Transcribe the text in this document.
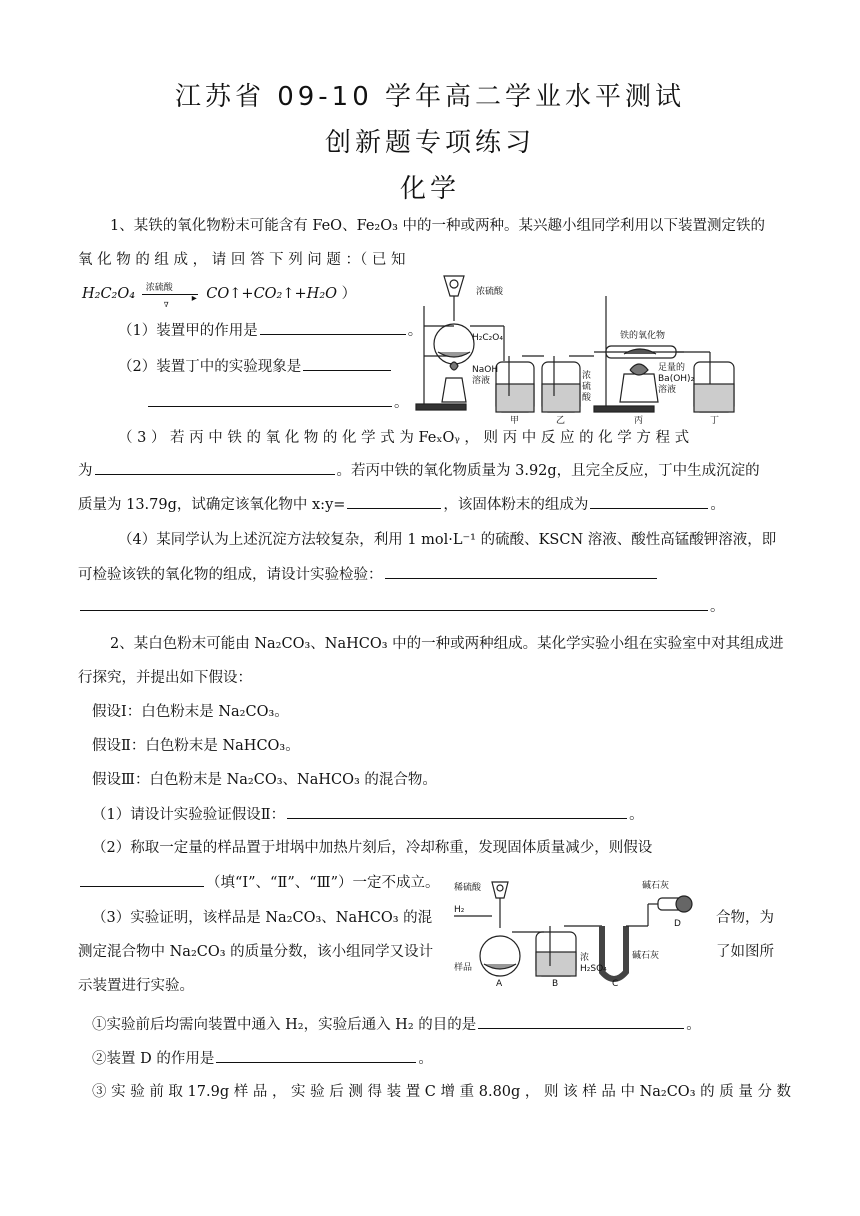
江苏省 09-10 学年高二学业水平测试
创新题专项练习
化学
1、某铁的氧化物粉末可能含有 FeO、Fe₂O₃ 中的一种或两种。某兴趣小组同学利用以下装置测定铁的
氧 化 物 的 组 成 ， 请 回 答 下 列 问 题 ：（ 已 知
H₂C₂O₄ 浓硫酸
▸
∇
CO↑+CO₂↑+H₂O ）
（1）装置甲的作用是	。
（2）装置丁中的实验现象是
。
浓硫酸
H₂C₂O₄
NaOH
溶液	浓
硫
酸
铁的氧化物
足量的
Ba(OH)₂
溶液
甲	乙	丙	丁
（ 3 ） 若 丙 中 铁 的 氧 化 物 的 化 学 式 为 FeₓOᵧ ， 则 丙 中 反 应 的 化 学 方 程 式
为	。若丙中铁的氧化物质量为 3.92g，且完全反应，丁中生成沉淀的
质量为 13.79g，试确定该氧化物中 x:y=	，该固体粉末的组成为	。
（4）某同学认为上述沉淀方法较复杂，利用 1 mol·L⁻¹ 的硫酸、KSCN 溶液、酸性高锰酸钾溶液，即
可检验该铁的氧化物的组成，请设计实验检验：
。
2、某白色粉末可能由 Na₂CO₃、NaHCO₃ 中的一种或两种组成。某化学实验小组在实验室中对其组成进
行探究，并提出如下假设：
假设Ⅰ：白色粉末是 Na₂CO₃。
假设Ⅱ：白色粉末是 NaHCO₃。
假设Ⅲ：白色粉末是 Na₂CO₃、NaHCO₃ 的混合物。
（1）请设计实验验证假设Ⅱ：	。
（2）称取一定量的样品置于坩埚中加热片刻后，冷却称重，发现固体质量减少，则假设
（填“Ⅰ”、“Ⅱ”、“Ⅲ”）一定不成立。
（3）实验证明，该样品是 Na₂CO₃、NaHCO₃ 的混	合物，为
测定混合物中 Na₂CO₃ 的质量分数，该小组同学又设计	了如图所
示装置进行实验。
稀硫酸
H₂
样品
浓
H₂SO₄
碱石灰
碱石灰
A	B	C
D
①实验前后均需向装置中通入 H₂，实验后通入 H₂ 的目的是	。
②装置 D 的作用是	。
③ 实 验 前 取 17.9g 样 品 ， 实 验 后 测 得 装 置 C 增 重 8.80g ， 则 该 样 品 中 Na₂CO₃ 的 质 量 分 数
